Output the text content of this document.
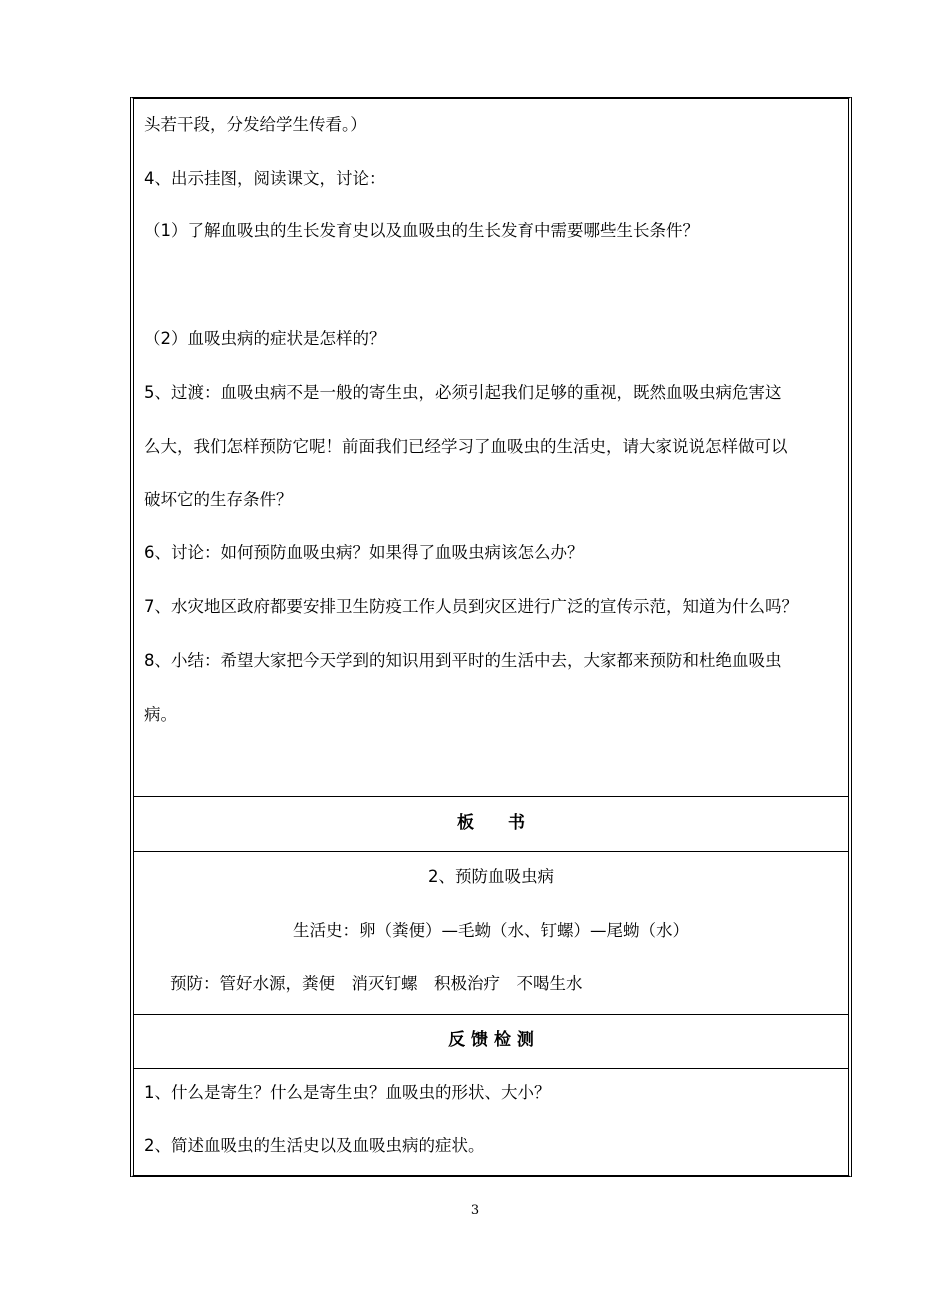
头若干段，分发给学生传看。）
4、出示挂图，阅读课文，讨论：
（1）了解血吸虫的生长发育史以及血吸虫的生长发育中需要哪些生长条件？
（2）血吸虫病的症状是怎样的？
5、过渡：血吸虫病不是一般的寄生虫，必须引起我们足够的重视，既然血吸虫病危害这
么大，我们怎样预防它呢！前面我们已经学习了血吸虫的生活史，请大家说说怎样做可以
破坏它的生存条件？
6、讨论：如何预防血吸虫病？如果得了血吸虫病该怎么办？
7、水灾地区政府都要安排卫生防疫工作人员到灾区进行广泛的宣传示范，知道为什么吗？
8、小结：希望大家把今天学到的知识用到平时的生活中去，大家都来预防和杜绝血吸虫
病。
板　　书
2、预防血吸虫病
生活史：卵（粪便）—毛蚴（水、钉螺）—尾蚴（水）
预防：管好水源，粪便　消灭钉螺　积极治疗　不喝生水
反 馈 检 测
1、什么是寄生？什么是寄生虫？血吸虫的形状、大小？
2、简述血吸虫的生活史以及血吸虫病的症状。
3
